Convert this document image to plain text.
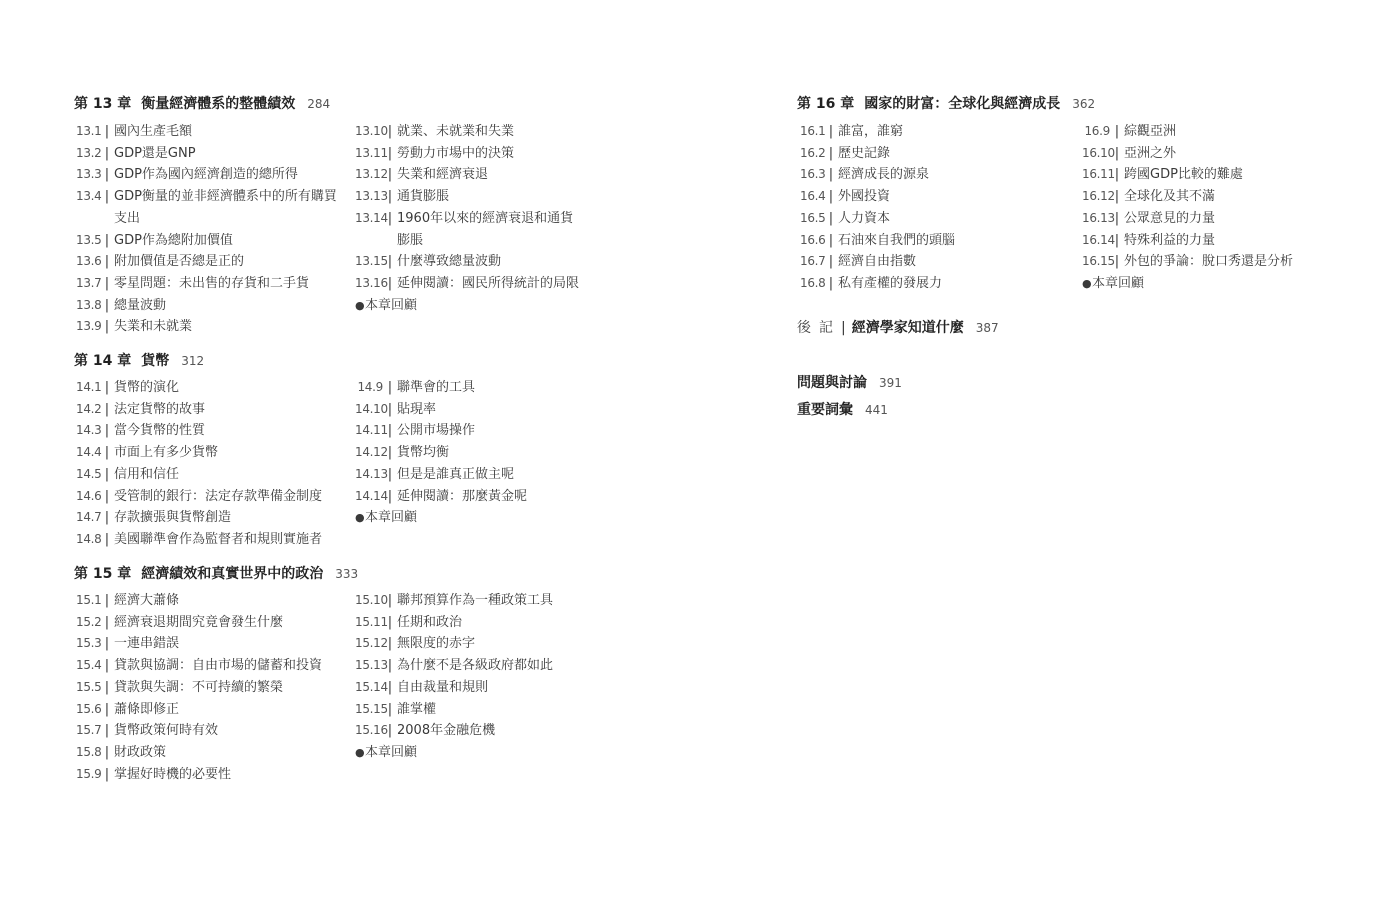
第 13 章 衡量經濟體系的整體績效 284
13.1 | 國內生產毛額
13.2 | GDP還是GNP
13.3 | GDP作為國內經濟創造的總所得
13.4 | GDP衡量的並非經濟體系中的所有購買
支出
13.5 | GDP作為總附加價值
13.6 | 附加價值是否總是正的
13.7 | 零星問題：未出售的存貨和二手貨
13.8 | 總量波動
13.9 | 失業和未就業
13.10 | 就業、未就業和失業
13.11 | 勞動力市場中的決策
13.12 | 失業和經濟衰退
13.13 | 通貨膨脹
13.14 | 1960年以來的經濟衰退和通貨
膨脹
13.15 | 什麼導致總量波動
13.16 | 延伸閱讀：國民所得統計的局限
●本章回顧
第 14 章 貨幣 312
14.1 | 貨幣的演化
14.2 | 法定貨幣的故事
14.3 | 當今貨幣的性質
14.4 | 市面上有多少貨幣
14.5 | 信用和信任
14.6 | 受管制的銀行：法定存款準備金制度
14.7 | 存款擴張與貨幣創造
14.8 | 美國聯準會作為監督者和規則實施者
14.9 | 聯準會的工具
14.10 | 貼現率
14.11 | 公開市場操作
14.12 | 貨幣均衡
14.13 | 但是是誰真正做主呢
14.14 | 延伸閱讀：那麼黃金呢
●本章回顧
第 15 章 經濟績效和真實世界中的政治 333
15.1 | 經濟大蕭條
15.2 | 經濟衰退期間究竟會發生什麼
15.3 | 一連串錯誤
15.4 | 貸款與協調：自由市場的儲蓄和投資
15.5 | 貸款與失調：不可持續的繁榮
15.6 | 蕭條即修正
15.7 | 貨幣政策何時有效
15.8 | 財政政策
15.9 | 掌握好時機的必要性
15.10 | 聯邦預算作為一種政策工具
15.11 | 任期和政治
15.12 | 無限度的赤字
15.13 | 為什麼不是各級政府都如此
15.14 | 自由裁量和規則
15.15 | 誰掌權
15.16 | 2008年金融危機
●本章回顧
第 16 章 國家的財富：全球化與經濟成長 362
16.1 | 誰富，誰窮
16.2 | 歷史記錄
16.3 | 經濟成長的源泉
16.4 | 外國投資
16.5 | 人力資本
16.6 | 石油來自我們的頭腦
16.7 | 經濟自由指數
16.8 | 私有產權的發展力
16.9 | 綜觀亞洲
16.10 | 亞洲之外
16.11 | 跨國GDP比較的難處
16.12 | 全球化及其不滿
16.13 | 公眾意見的力量
16.14 | 特殊利益的力量
16.15 | 外包的爭論：脫口秀還是分析
●本章回顧
後記| 經濟學家知道什麼 387
問題與討論 391
重要詞彙 441
